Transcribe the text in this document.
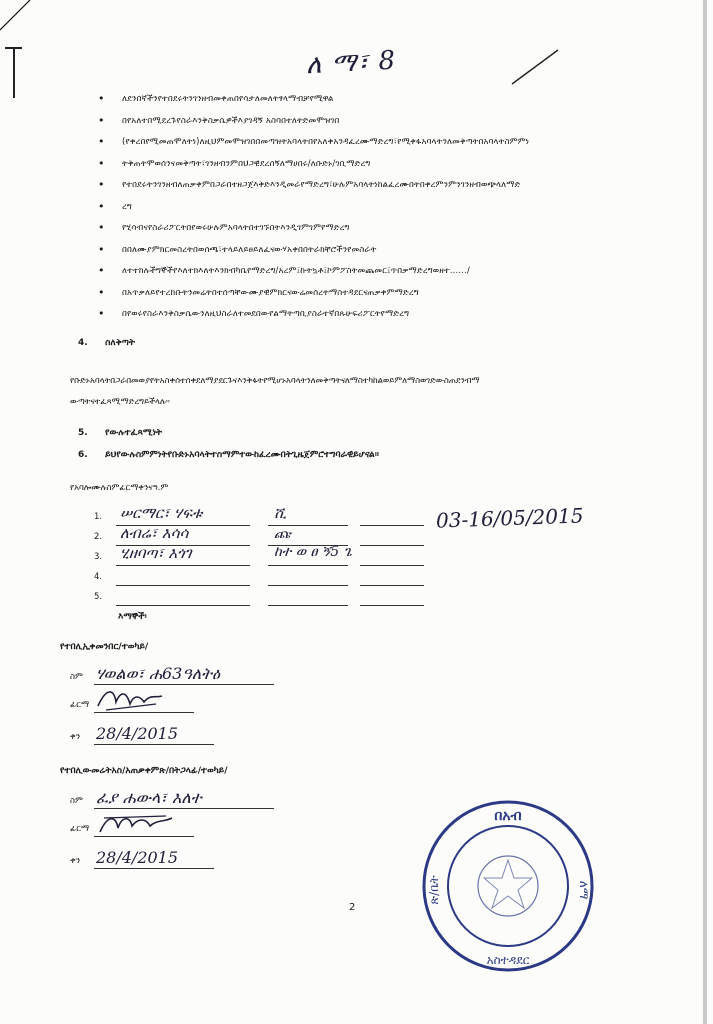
ለ ማ፣ 8
• ለደንበኛችንየተበደሩትንገንዘብመቀጠበየሳታለመለትፃላማብቻየሚዋል
• በየአለተበሚደረጉየስራእንቅስቃሴዎችእያገዳኝ አስባበተለትድመሞዝገበ
• (የቀረበየሚመጠሞለትነ)ለዚህምመሞዝገበበመጣዝትአባላትበየአለቀአንዳፈረሙማድረግ፣የሚቀፋአባላትንለመቅጣትበአባላትስምምነ
• ትቅጠትሞወሰንናመቅጣት፣ገንዘብንምበህጋዊደረሰኝለማሀበሩ/ለቡድኑ/ገቢማድረግ
• የተበደሩትንገንዘብለጠቃቀምበጋራበተዘጋጀእቅድእንዲመራየማድረግ፣ሁሉምአባላትነከልፈረሙበትበቀረምንምንገንዘብወጭላለማድ
• ረግ
• የሂሳብናየስራሪፖርትበየወሩሁሉምአባላትበተገኙበትእንዲገምገምየማድረግ
• በበለሙያምክርመስረትበወሰጫ፣ተላይለይፀይለፈናውሃአቀበበትራክቸሮችንየመስራት
• ለተተከሉችግኞችየእለተክእለትእንክብካቤየማድረግ/አረም፤ኩትኳቶ፤ኮምፖስትመጨመር፤ጥበቃማድረግወዘተ....../
• በአጥቃለይየተረከቡትንመሬትበተሰጣቸውሙያዊምክርናውሬመሰረትማስተዳደርናጠቃቀምማድረግ
• በየወሩየስራእንቅስቃሴውንለዚህስራለተመደበውየልማትጣቢያስራተኛበጹሁፍሪፖርትየማድረግ
4. ስለቅጣት
የቡድኑአባላትበጋራበመወያየትአስቀሰተሰቀደለማያደርጉናእንቅፋትየሚሆኑአባላትንለመቅጣትናለማስተካከልወይምለማስወገድውስጠደንብማ
ውጣትናተፈጻሚማድረግይችላሉ።
5. የውሉተፈጻሚነት
6. ይህየውሉስምምነትየቡድኑአባላትተስማምተውከፈረሙበትጊዜጀምሮተግባራዊይሆናል።
የአባሎሙሉስምፊርማቀንናዓ.ም
1. ሠርማር፣ ሃፍቱ	ሺ
2. ለብሬ፣ እሳሳ	ጩ
3. ሂዘባጣ፣ እጎገ	ከተ ወ ፀ ኝ5 ጌ
4.
5.
03-16/05/2015
እማኞች፡
የተበሊኢቀመንበር/ተወካይ/
ስም ሃወልወ፣ ሐ63ዓለትዕ
ፊርማ
ቀን 28/4/2015
የተበሊውመሬትአስ/አጠቃቀምጽ/በትጋላፊ/ተወካይ/
ስም ፈያ ሐውላ፣ እለተ
ፊርማ
ቀን 28/4/2015
2
በአብ
አስተዳደር
ለማ
ጽ/ቤት
